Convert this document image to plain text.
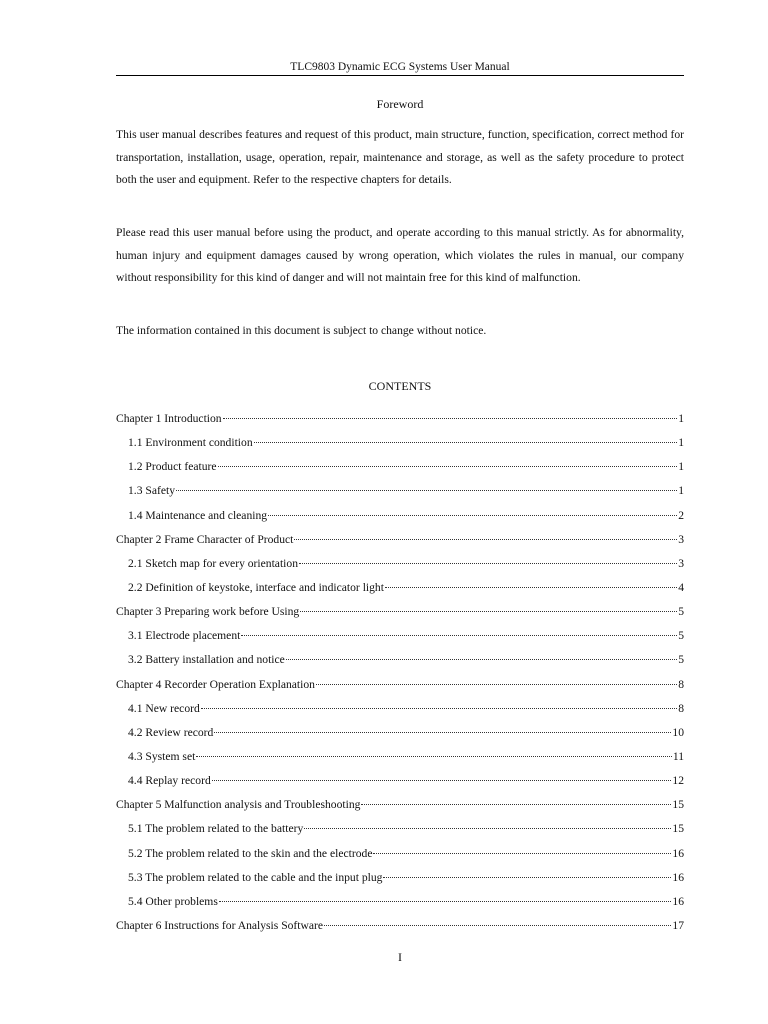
TLC9803 Dynamic ECG Systems User Manual
Foreword

This user manual describes features and request of this product, main structure, function, specification, correct method for transportation, installation, usage, operation, repair, maintenance and storage, as well as the safety procedure to protect both the user and equipment. Refer to the respective chapters for details.

Please read this user manual before using the product, and operate according to this manual strictly. As for abnormality, human injury and equipment damages caused by wrong operation, which violates the rules in manual, our company without responsibility for this kind of danger and will not maintain free for this kind of malfunction.

The information contained in this document is subject to change without notice.

CONTENTS
Chapter 1 Introduction	1
1.1 Environment condition	1
1.2 Product feature	1
1.3 Safety	1
1.4 Maintenance and cleaning	2
Chapter 2 Frame Character of Product	3
2.1 Sketch map for every orientation	3
2.2 Definition of keystoke, interface and indicator light	4
Chapter 3 Preparing work before Using	5
3.1 Electrode placement	5
3.2 Battery installation and notice	5
Chapter 4 Recorder Operation Explanation	8
4.1 New record	8
4.2 Review record	10
4.3 System set	11
4.4 Replay record	12
Chapter 5 Malfunction analysis and Troubleshooting	15
5.1 The problem related to the battery	15
5.2 The problem related to the skin and the electrode	16
5.3 The problem related to the cable and the input plug	16
5.4 Other problems	16
Chapter 6 Instructions for Analysis Software	17
I
